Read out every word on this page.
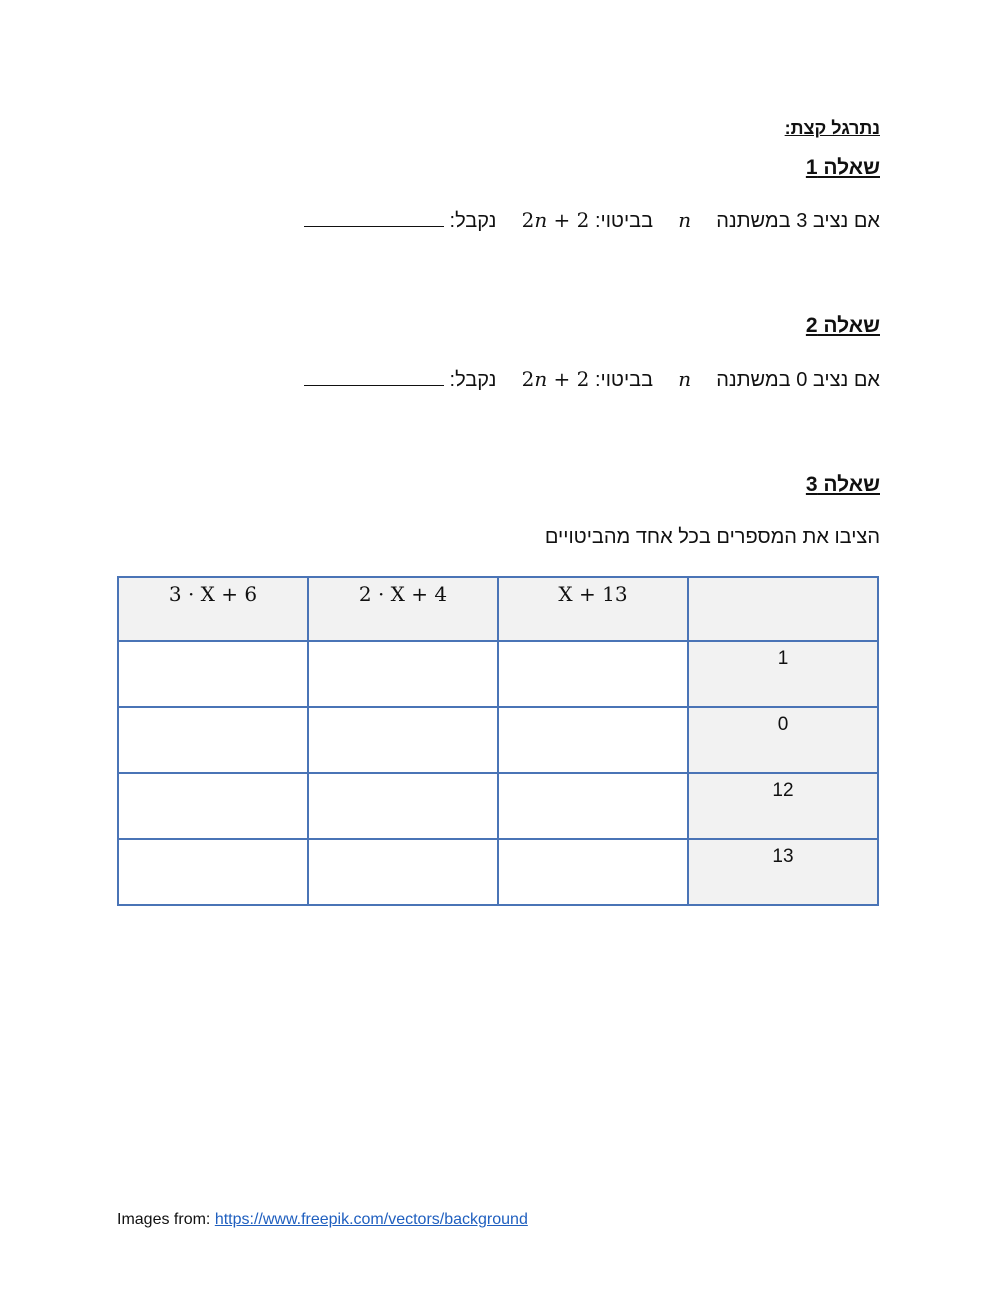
נתרגל קצת:
שאלה 1
אם נציב 3 במשתנה  n  בביטוי: 2n + 2  נקבל:
שאלה 2
אם נציב 0 במשתנה  n  בביטוי: 2n + 2  נקבל:
שאלה 3
הציבו את המספרים בכל אחד מהביטויים
3 · X + 6	2 · X + 4	X + 13	

			1

			0

			12

			13
Images from: https://www.freepik.com/vectors/background
